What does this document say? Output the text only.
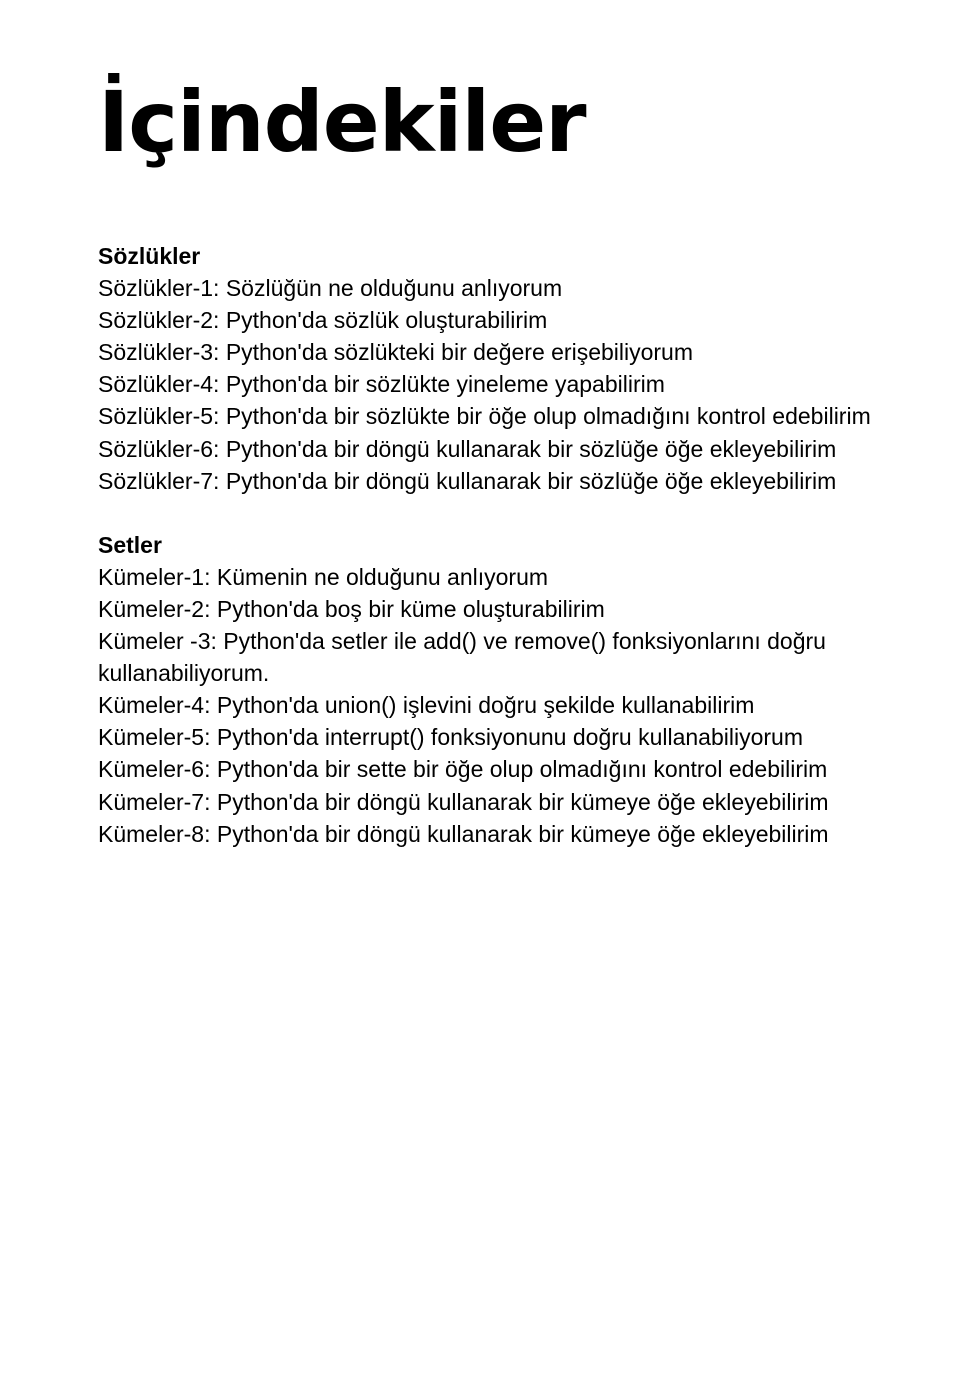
İçindekiler
Sözlükler
Sözlükler-1: Sözlüğün ne olduğunu anlıyorum
Sözlükler-2: Python'da sözlük oluşturabilirim
Sözlükler-3: Python'da sözlükteki bir değere erişebiliyorum
Sözlükler-4: Python'da bir sözlükte yineleme yapabilirim
Sözlükler-5: Python'da bir sözlükte bir öğe olup olmadığını kontrol edebilirim
Sözlükler-6: Python'da bir döngü kullanarak bir sözlüğe öğe ekleyebilirim
Sözlükler-7: Python'da bir döngü kullanarak bir sözlüğe öğe ekleyebilirim
Setler
Kümeler-1: Kümenin ne olduğunu anlıyorum
Kümeler-2: Python'da boş bir küme oluşturabilirim
Kümeler -3: Python'da setler ile add() ve remove() fonksiyonlarını doğru kullanabiliyorum.
Kümeler-4: Python'da union() işlevini doğru şekilde kullanabilirim
Kümeler-5: Python'da interrupt() fonksiyonunu doğru kullanabiliyorum
Kümeler-6: Python'da bir sette bir öğe olup olmadığını kontrol edebilirim
Kümeler-7: Python'da bir döngü kullanarak bir kümeye öğe ekleyebilirim
Kümeler-8: Python'da bir döngü kullanarak bir kümeye öğe ekleyebilirim
